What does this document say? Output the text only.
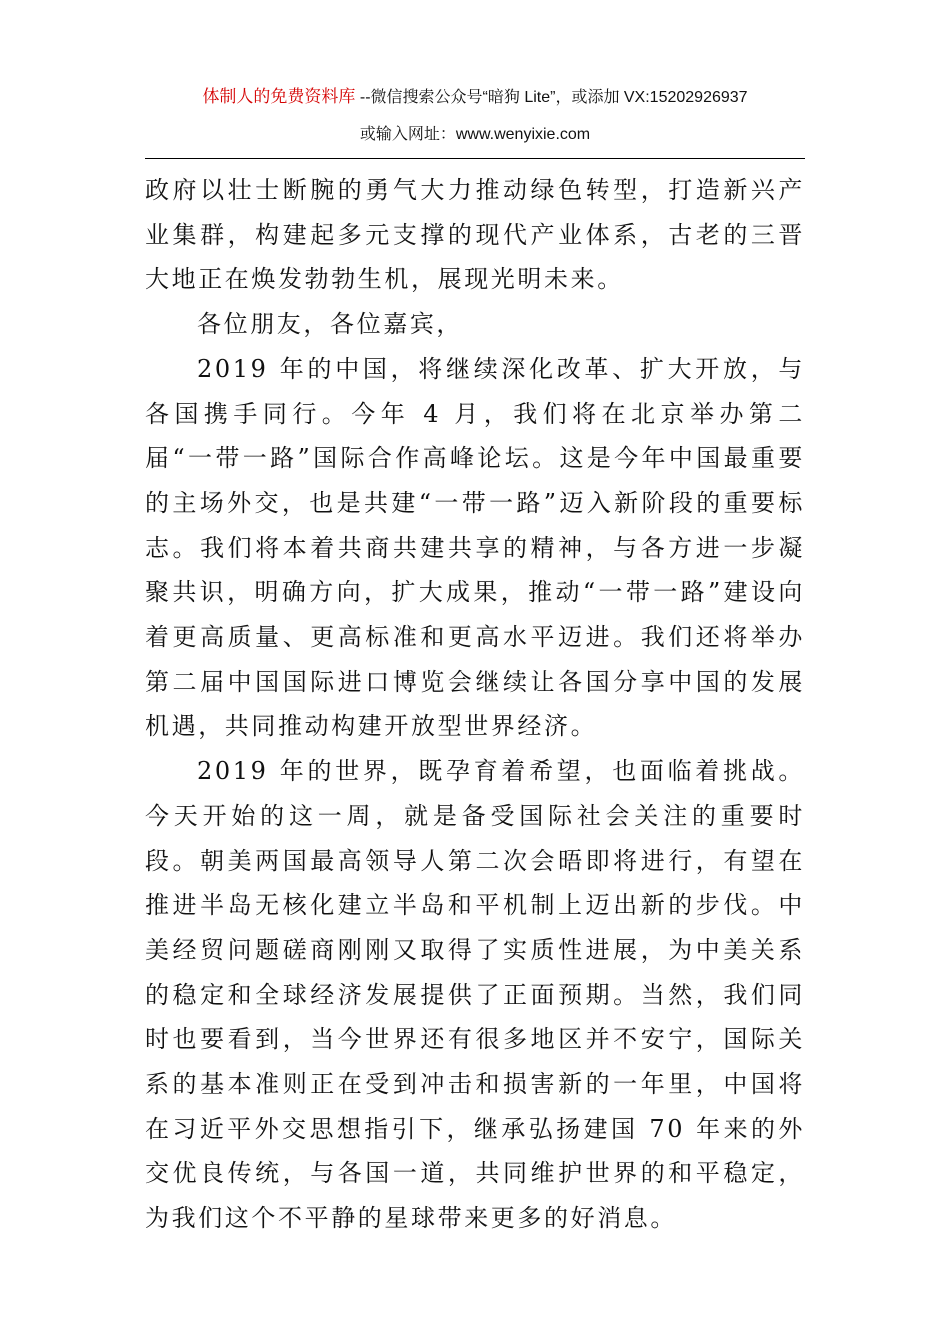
体制人的免费资料库 --微信搜索公众号“暗狗 Lite”，或添加 VX:15202926937
或输入网址：www.wenyixie.com

政府以壮士断腕的勇气大力推动绿色转型，打造新兴产业集群，构建起多元支撑的现代产业体系，古老的三晋大地正在焕发勃勃生机，展现光明未来。

各位朋友，各位嘉宾，

2019 年的中国，将继续深化改革、扩大开放，与各国携手同行。今年 4 月，我们将在北京举办第二届“一带一路”国际合作高峰论坛。这是今年中国最重要的主场外交，也是共建“一带一路”迈入新阶段的重要标志。我们将本着共商共建共享的精神，与各方进一步凝聚共识，明确方向，扩大成果，推动“一带一路”建设向着更高质量、更高标准和更高水平迈进。我们还将举办第二届中国国际进口博览会继续让各国分享中国的发展机遇，共同推动构建开放型世界经济。

2019 年的世界，既孕育着希望，也面临着挑战。今天开始的这一周，就是备受国际社会关注的重要时段。朝美两国最高领导人第二次会晤即将进行，有望在推进半岛无核化建立半岛和平机制上迈出新的步伐。中美经贸问题磋商刚刚又取得了实质性进展，为中美关系的稳定和全球经济发展提供了正面预期。当然，我们同时也要看到，当今世界还有很多地区并不安宁，国际关系的基本准则正在受到冲击和损害新的一年里，中国将在习近平外交思想指引下，继承弘扬建国 70 年来的外交优良传统，与各国一道，共同维护世界的和平稳定，为我们这个不平静的星球带来更多的好消息。
